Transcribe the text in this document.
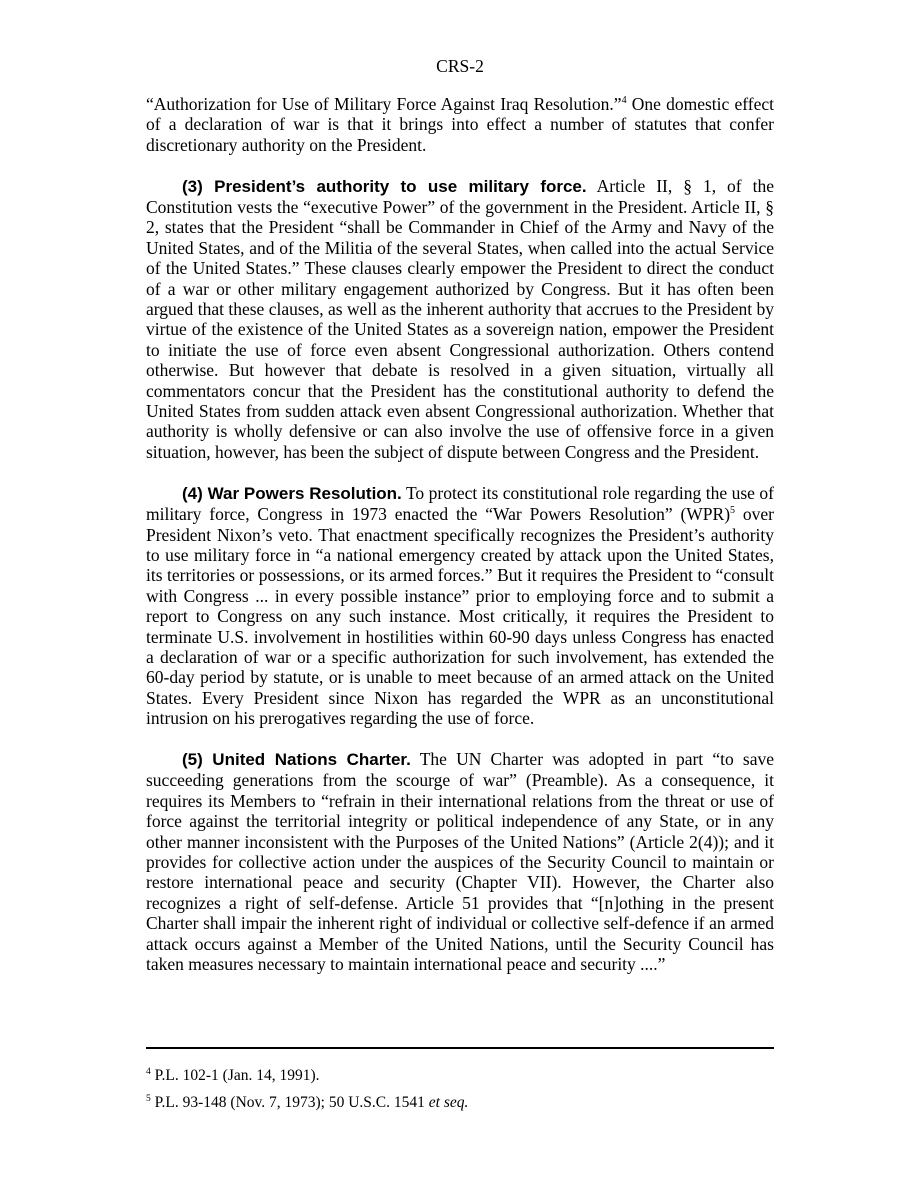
CRS-2

“Authorization for Use of Military Force Against Iraq Resolution.”$^4$ One domestic effect of a declaration of war is that it brings into effect a number of statutes that confer discretionary authority on the President.

(3) President’s authority to use military force. Article II, § 1, of the Constitution vests the “executive Power” of the government in the President. Article II, § 2, states that the President “shall be Commander in Chief of the Army and Navy of the United States, and of the Militia of the several States, when called into the actual Service of the United States.” These clauses clearly empower the President to direct the conduct of a war or other military engagement authorized by Congress. But it has often been argued that these clauses, as well as the inherent authority that accrues to the President by virtue of the existence of the United States as a sovereign nation, empower the President to initiate the use of force even absent Congressional authorization. Others contend otherwise. But however that debate is resolved in a given situation, virtually all commentators concur that the President has the constitutional authority to defend the United States from sudden attack even absent Congressional authorization. Whether that authority is wholly defensive or can also involve the use of offensive force in a given situation, however, has been the subject of dispute between Congress and the President.

(4) War Powers Resolution. To protect its constitutional role regarding the use of military force, Congress in 1973 enacted the “War Powers Resolution” (WPR)$^5$ over President Nixon’s veto. That enactment specifically recognizes the President’s authority to use military force in “a national emergency created by attack upon the United States, its territories or possessions, or its armed forces.” But it requires the President to “consult with Congress ... in every possible instance” prior to employing force and to submit a report to Congress on any such instance. Most critically, it requires the President to terminate U.S. involvement in hostilities within 60-90 days unless Congress has enacted a declaration of war or a specific authorization for such involvement, has extended the 60-day period by statute, or is unable to meet because of an armed attack on the United States. Every President since Nixon has regarded the WPR as an unconstitutional intrusion on his prerogatives regarding the use of force.

(5) United Nations Charter. The UN Charter was adopted in part “to save succeeding generations from the scourge of war” (Preamble). As a consequence, it requires its Members to “refrain in their international relations from the threat or use of force against the territorial integrity or political independence of any State, or in any other manner inconsistent with the Purposes of the United Nations” (Article 2(4)); and it provides for collective action under the auspices of the Security Council to maintain or restore international peace and security (Chapter VII). However, the Charter also recognizes a right of self-defense. Article 51 provides that “[n]othing in the present Charter shall impair the inherent right of individual or collective self-defence if an armed attack occurs against a Member of the United Nations, until the Security Council has taken measures necessary to maintain international peace and security ....”

$^4$ P.L. 102-1 (Jan. 14, 1991).

$^5$ P.L. 93-148 (Nov. 7, 1973); 50 U.S.C. 1541 et seq.
